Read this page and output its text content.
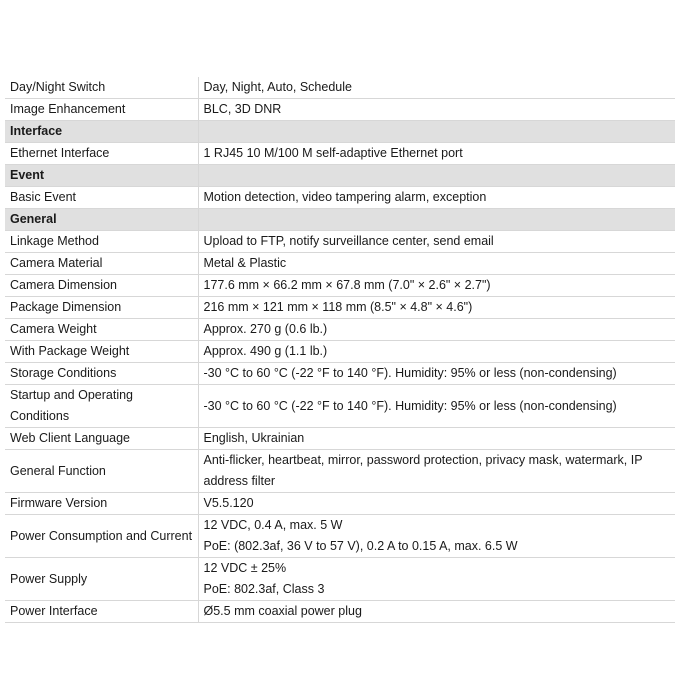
Day/Night Switch	Day, Night, Auto, Schedule

Image Enhancement	BLC, 3D DNR

Interface	
Ethernet Interface	1 RJ45 10 M/100 M self-adaptive Ethernet port

Event	
Basic Event	Motion detection, video tampering alarm, exception

General	
Linkage Method	Upload to FTP, notify surveillance center, send email

Camera Material	Metal & Plastic

Camera Dimension	177.6 mm × 66.2 mm × 67.8 mm (7.0" × 2.6" × 2.7")

Package Dimension	216 mm × 121 mm × 118 mm (8.5" × 4.8" × 4.6")

Camera Weight	Approx. 270 g (0.6 lb.)

With Package Weight	Approx. 490 g (1.1 lb.)

Storage Conditions	-30 °C to 60 °C (-22 °F to 140 °F). Humidity: 95% or less (non-condensing)

Startup and Operating
Conditions	-30 °C to 60 °C (-22 °F to 140 °F). Humidity: 95% or less (non-condensing)

Web Client Language	English, Ukrainian

General Function	Anti-flicker, heartbeat, mirror, password protection, privacy mask, watermark, IP
address filter

Firmware Version	V5.5.120

Power Consumption and Current	12 VDC, 0.4 A, max. 5 W
PoE: (802.3af, 36 V to 57 V), 0.2 A to 0.15 A, max. 6.5 W

Power Supply	12 VDC ± 25%
PoE: 802.3af, Class 3

Power Interface	Ø5.5 mm coaxial power plug
